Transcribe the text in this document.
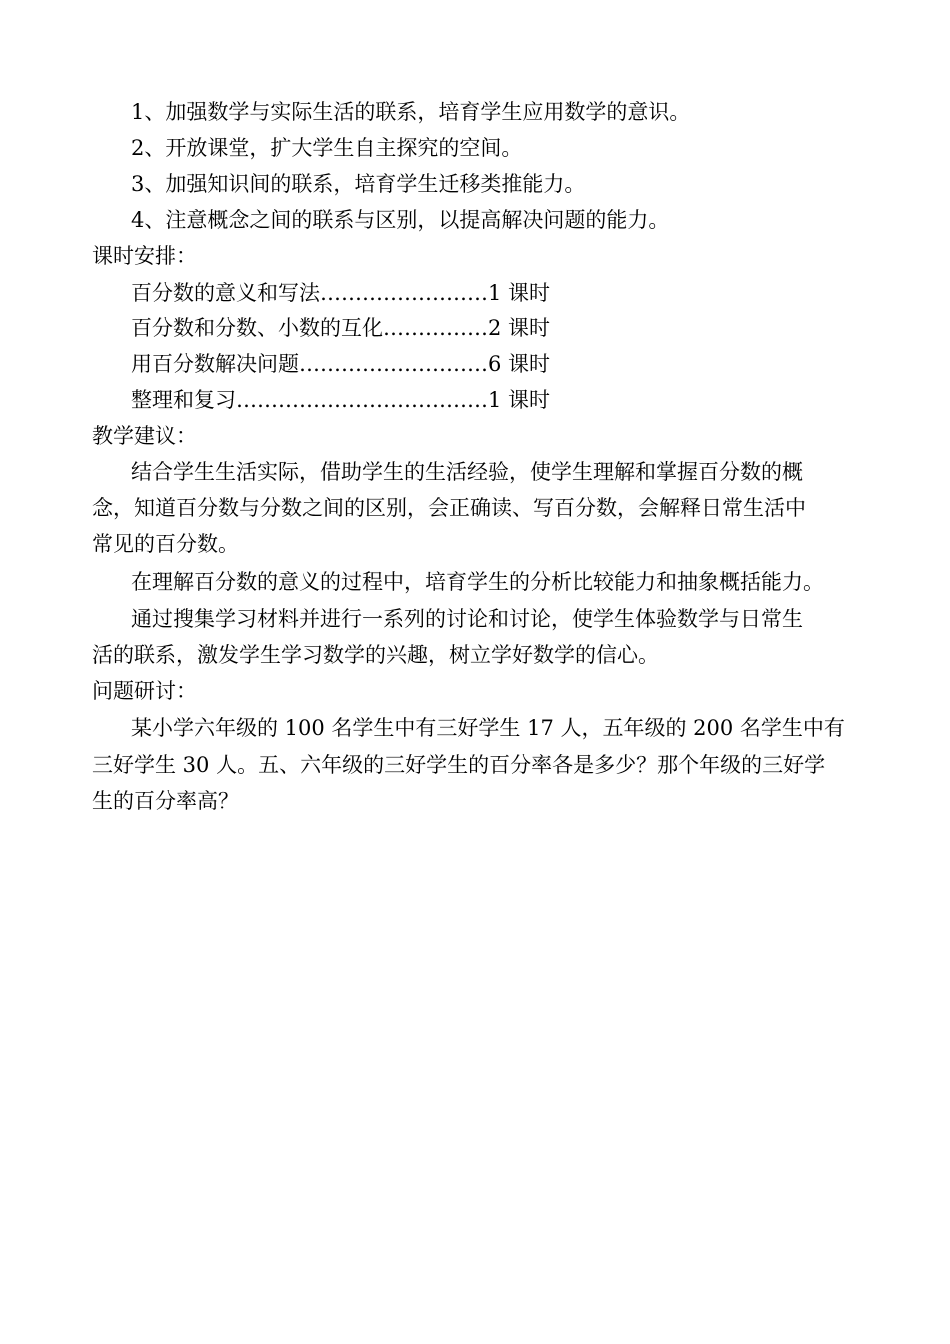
1、加强数学与实际生活的联系，培育学生应用数学的意识。
2、开放课堂，扩大学生自主探究的空间。
3、加强知识间的联系，培育学生迁移类推能力。
4、注意概念之间的联系与区别，以提高解决问题的能力。
课时安排：
百分数的意义和写法……………………1 课时
百分数和分数、小数的互化……………2 课时
用百分数解决问题………………………6 课时
整理和复习………………………………1 课时
教学建议：
结合学生生活实际，借助学生的生活经验，使学生理解和掌握百分数的概
念，知道百分数与分数之间的区别，会正确读、写百分数，会解释日常生活中
常见的百分数。
在理解百分数的意义的过程中，培育学生的分析比较能力和抽象概括能力。
通过搜集学习材料并进行一系列的讨论和讨论，使学生体验数学与日常生
活的联系，激发学生学习数学的兴趣，树立学好数学的信心。
问题研讨：
某小学六年级的 100 名学生中有三好学生 17 人，五年级的 200 名学生中有
三好学生 30 人。五、六年级的三好学生的百分率各是多少？那个年级的三好学
生的百分率高？
